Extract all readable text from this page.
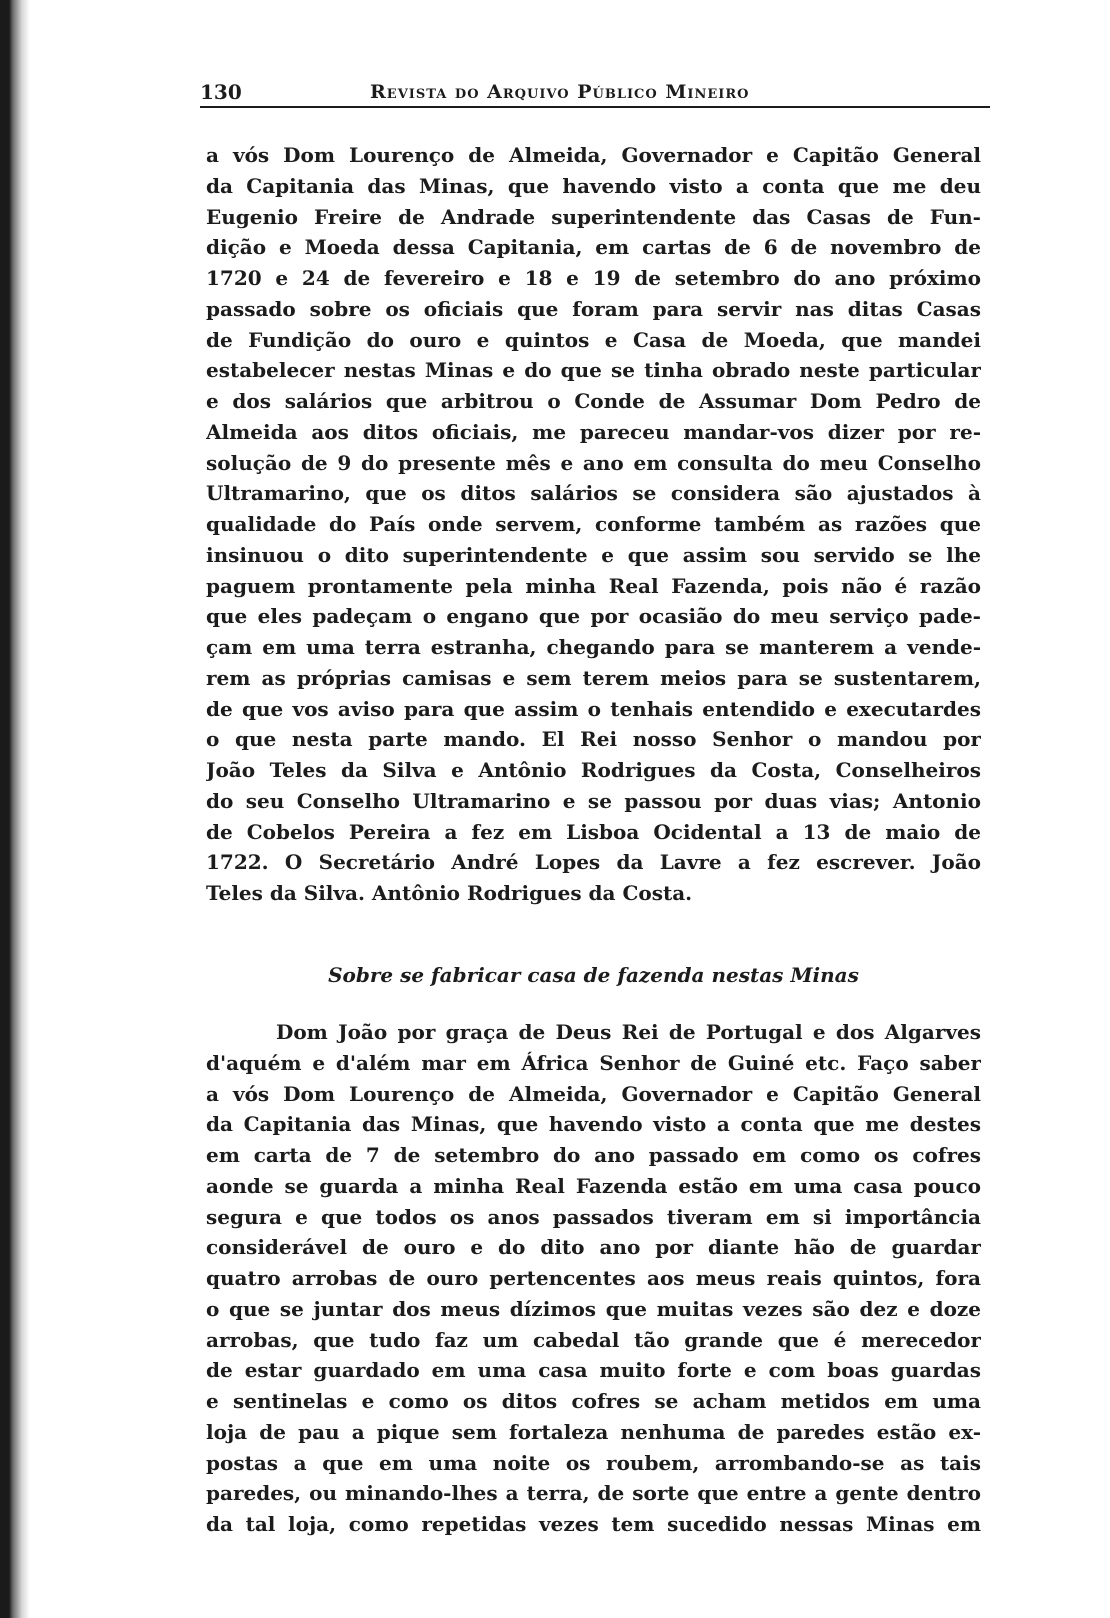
130	Revista do Arquivo Público Mineiro
a vós Dom Lourenço de Almeida, Governador e Capitão General
da Capitania das Minas, que havendo visto a conta que me deu
Eugenio Freire de Andrade superintendente das Casas de Fun-
dição e Moeda dessa Capitania, em cartas de 6 de novembro de
1720 e 24 de fevereiro e 18 e 19 de setembro do ano próximo
passado sobre os oficiais que foram para servir nas ditas Casas
de Fundição do ouro e quintos e Casa de Moeda, que mandei
estabelecer nestas Minas e do que se tinha obrado neste particular
e dos salários que arbitrou o Conde de Assumar Dom Pedro de
Almeida aos ditos oficiais, me pareceu mandar-vos dizer por re-
solução de 9 do presente mês e ano em consulta do meu Conselho
Ultramarino, que os ditos salários se considera são ajustados à
qualidade do País onde servem, conforme também as razões que
insinuou o dito superintendente e que assim sou servido se lhe
paguem prontamente pela minha Real Fazenda, pois não é razão
que eles padeçam o engano que por ocasião do meu serviço pade-
çam em uma terra estranha, chegando para se manterem a vende-
rem as próprias camisas e sem terem meios para se sustentarem,
de que vos aviso para que assim o tenhais entendido e executardes
o que nesta parte mando. El Rei nosso Senhor o mandou por
João Teles da Silva e Antônio Rodrigues da Costa, Conselheiros
do seu Conselho Ultramarino e se passou por duas vias; Antonio
de Cobelos Pereira a fez em Lisboa Ocidental a 13 de maio de
1722. O Secretário André Lopes da Lavre a fez escrever. João
Teles da Silva. Antônio Rodrigues da Costa.
Sobre se fabricar casa de fazenda nestas Minas
Dom João por graça de Deus Rei de Portugal e dos Algarves
d'aquém e d'além mar em África Senhor de Guiné etc. Faço saber
a vós Dom Lourenço de Almeida, Governador e Capitão General
da Capitania das Minas, que havendo visto a conta que me destes
em carta de 7 de setembro do ano passado em como os cofres
aonde se guarda a minha Real Fazenda estão em uma casa pouco
segura e que todos os anos passados tiveram em si importância
considerável de ouro e do dito ano por diante hão de guardar
quatro arrobas de ouro pertencentes aos meus reais quintos, fora
o que se juntar dos meus dízimos que muitas vezes são dez e doze
arrobas, que tudo faz um cabedal tão grande que é merecedor
de estar guardado em uma casa muito forte e com boas guardas
e sentinelas e como os ditos cofres se acham metidos em uma
loja de pau a pique sem fortaleza nenhuma de paredes estão ex-
postas a que em uma noite os roubem, arrombando-se as tais
paredes, ou minando-lhes a terra, de sorte que entre a gente dentro
da tal loja, como repetidas vezes tem sucedido nessas Minas em
